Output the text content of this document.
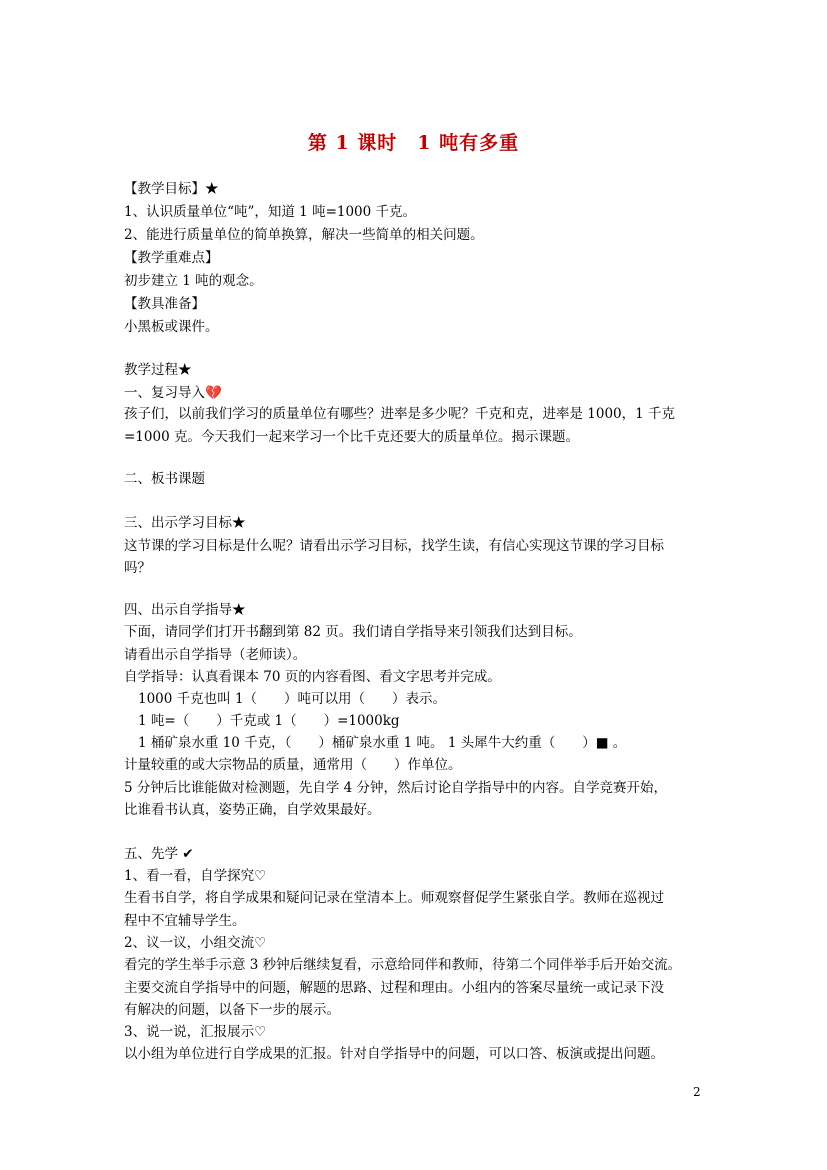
第 1 课时　1 吨有多重
【教学目标】★
1、认识质量单位“吨”，知道 1 吨=1000 千克。
2、能进行质量单位的简单换算，解决一些简单的相关问题。
【教学重难点】
初步建立 1 吨的观念。
【教具准备】
小黑板或课件。
教学过程★
一、复习导入💔
孩子们，以前我们学习的质量单位有哪些？进率是多少呢？千克和克，进率是 1000，1 千克
=1000 克。今天我们一起来学习一个比千克还要大的质量单位。揭示课题。
二、板书课题
三、出示学习目标★
这节课的学习目标是什么呢？请看出示学习目标，找学生读，有信心实现这节课的学习目标
吗？
四、出示自学指导★
下面，请同学们打开书翻到第 82 页。我们请自学指导来引领我们达到目标。
请看出示自学指导（老师读）。
自学指导：认真看课本 70 页的内容看图、看文字思考并完成。
1000 千克也叫 1（　　）吨可以用（　　）表示。
1 吨=（　　）千克或 1（　　）=1000kg
1 桶矿泉水重 10 千克，（　　）桶矿泉水重 1 吨。 1 头犀牛大约重（　　）■ 。
计量较重的或大宗物品的质量，通常用（　　）作单位。
5 分钟后比谁能做对检测题，先自学 4 分钟，然后讨论自学指导中的内容。自学竞赛开始，
比谁看书认真，姿势正确，自学效果最好。
五、先学 ✔
1、看一看，自学探究♡
生看书自学，将自学成果和疑问记录在堂清本上。师观察督促学生紧张自学。教师在巡视过
程中不宜辅导学生。
2、议一议，小组交流♡
看完的学生举手示意 3 秒钟后继续复看，示意给同伴和教师，待第二个同伴举手后开始交流。
主要交流自学指导中的问题，解题的思路、过程和理由。小组内的答案尽量统一或记录下没
有解决的问题，以备下一步的展示。
3、说一说，汇报展示♡
以小组为单位进行自学成果的汇报。针对自学指导中的问题，可以口答、板演或提出问题。
2
